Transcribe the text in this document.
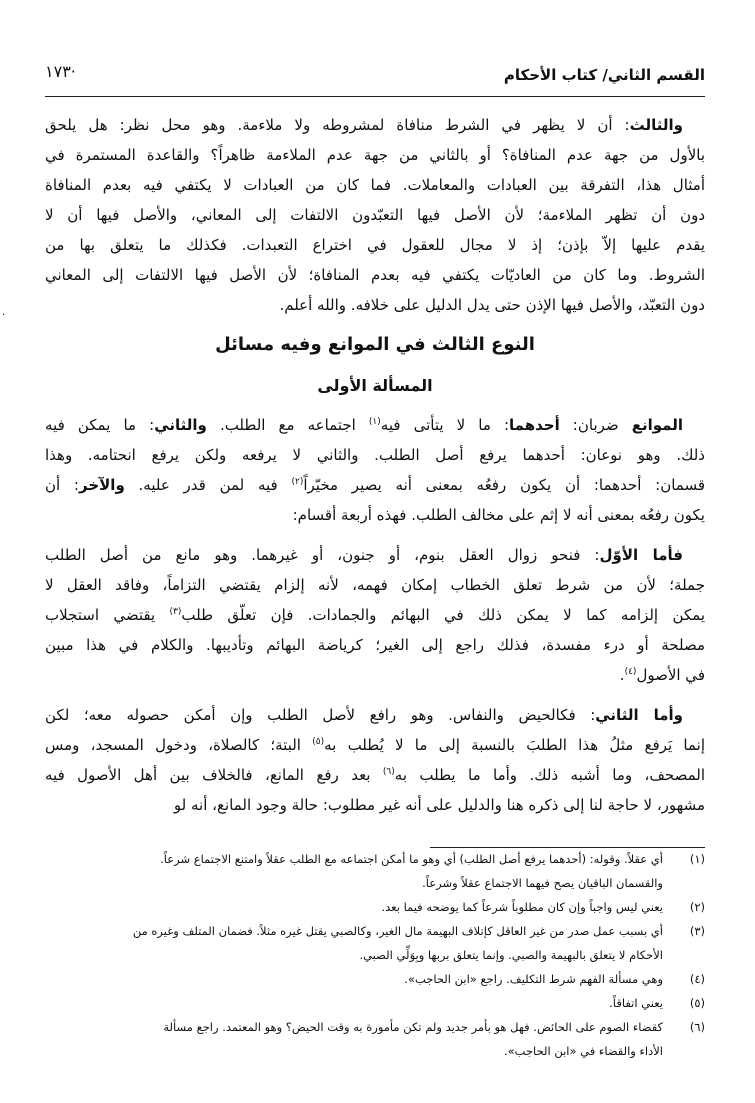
القسم الثاني/ كتاب الأحكام
·١٧٣
·
والثالث: أن لا يظهر في الشرط منافاة لمشروطه ولا ملاءمة. وهو محل نظر: هل يلحق
بالأول من جهة عدم المنافاة؟ أو بالثاني من جهة عدم الملاءمة ظاهراً؟ والقاعدة المستمرة في
أمثال هذا، التفرقة بين العبادات والمعاملات. فما كان من العبادات لا يكتفي فيه بعدم المنافاة
دون أن تظهر الملاءمة؛ لأن الأصل فيها التعبّدون الالتفات إلى المعاني، والأصل فيها أن لا
يقدم عليها إلاّ بإذن؛ إذ لا مجال للعقول في اختراع التعبدات. فكذلك ما يتعلق بها من
الشروط. وما كان من العاديّات يكتفي فيه بعدم المنافاة؛ لأن الأصل فيها الالتفات إلى المعاني
دون التعبّد، والأصل فيها الإذن حتى يدل الدليل على خلافه. والله أعلم.
النوع الثالث في الموانع وفيه مسائل
المسألة الأولى
الموانع ضربان: أحدهما: ما لا يتأتى فيه$^{(١)}$ اجتماعه مع الطلب. والثاني: ما يمكن فيه
ذلك. وهو نوعان: أحدهما يرفع أصل الطلب. والثاني لا يرفعه ولكن يرفع انحتامه. وهذا
قسمان: أحدهما: أن يكون رفعُه بمعنى أنه يصير مخيّراً$^{(٢)}$ فيه لمن قدر عليه. والآخر: أن
يكون رفعُه بمعنى أنه لا إثم على مخالف الطلب. فهذه أربعة أقسام:
فأما الأوّل: فنحو زوال العقل بنوم، أو جنون، أو غيرهما. وهو مانع من أصل الطلب
جملة؛ لأن من شرط تعلق الخطاب إمكان فهمه، لأنه إلزام يقتضي التزاماً، وفاقد العقل لا
يمكن إلزامه كما لا يمكن ذلك في البهائم والجمادات. فإن تعلّق طلب$^{(٣)}$ يقتضي استجلاب
مصلحة أو درء مفسدة، فذلك راجع إلى الغير؛ كرياضة البهائم وتأديبها. والكلام في هذا مبين
في الأصول$^{(٤)}$.
وأما الثاني: فكالحيض والنفاس. وهو رافع لأصل الطلب وإن أمكن حصوله معه؛ لكن
إنما يَرفع مثلُ هذا الطلبَ بالنسبة إلى ما لا يُطلب به$^{(٥)}$ البتة؛ كالصلاة، ودخول المسجد، ومس
المصحف، وما أشبه ذلك. وأما ما يطلب به$^{(٦)}$ بعد رفع المانع، فالخلاف بين أهل الأصول فيه
مشهور، لا حاجة لنا إلى ذكره هنا والدليل على أنه غير مطلوب: حالة وجود المانع، أنه لو
(١)
أي عقلاً. وقوله: (أحدهما يرفع أصل الطلب) أي وهو ما أمكن اجتماعه مع الطلب عقلاً وامتنع الاجتماع شرعاً.
والقسمان الباقيان يصح فيهما الاجتماع عقلاً وشرعاً.
(٢)
يعني ليس واجباً وإن كان مطلوباً شرعاً كما يوضحه فيما بعد.
(٣)
أي بسبب عمل صدر من غير العاقل كإتلاف البهيمة مال الغير، وكالصبي يقتل غيره مثلاً. فضمان المتلف وغيره من
الأحكام لا يتعلق بالبهيمة والصبي. وإنما يتعلق بربها وبِوَلِّي الصبي.
(٤)
وهي مسألة الفهم شرط التكليف. راجع «ابن الحاجب».
(٥)
يعني اتفاقاً.
(٦)
كقضاء الصوم على الحائض. فهل هو بأمر جديد ولم تكن مأمورة به وقت الحيض؟ وهو المعتمد. راجع مسألة
الأداء والقضاء في «ابن الحاجب».
